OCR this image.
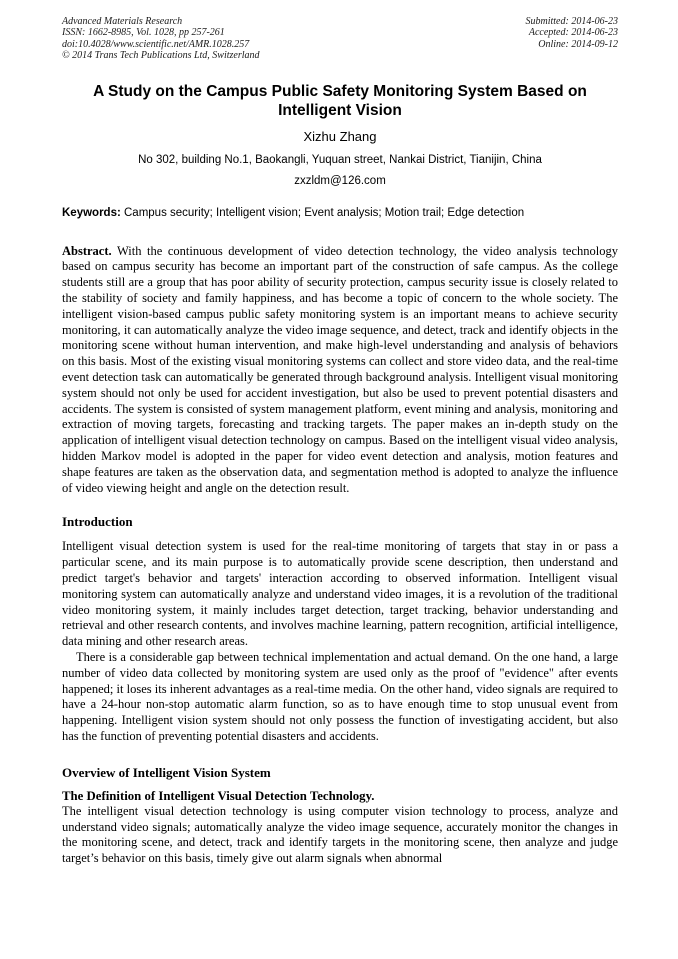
Advanced Materials Research
ISSN: 1662-8985, Vol. 1028, pp 257-261
doi:10.4028/www.scientific.net/AMR.1028.257
© 2014 Trans Tech Publications Ltd, Switzerland
Submitted: 2014-06-23
Accepted: 2014-06-23
Online: 2014-09-12
A Study on the Campus Public Safety Monitoring System Based on Intelligent Vision
Xizhu Zhang
No 302, building No.1, Baokangli, Yuquan street, Nankai District, Tianijin, China
zxzldm@126.com

Keywords: Campus security; Intelligent vision; Event analysis; Motion trail; Edge detection

Abstract. With the continuous development of video detection technology, the video analysis technology based on campus security has become an important part of the construction of safe campus. As the college students still are a group that has poor ability of security protection, campus security issue is closely related to the stability of society and family happiness, and has become a topic of concern to the whole society. The intelligent vision-based campus public safety monitoring system is an important means to achieve security monitoring, it can automatically analyze the video image sequence, and detect, track and identify objects in the monitoring scene without human intervention, and make high-level understanding and analysis of behaviors on this basis. Most of the existing visual monitoring systems can collect and store video data, and the real-time event detection task can automatically be generated through background analysis. Intelligent visual monitoring system should not only be used for accident investigation, but also be used to prevent potential disasters and accidents. The system is consisted of system management platform, event mining and analysis, monitoring and extraction of moving targets, forecasting and tracking targets. The paper makes an in-depth study on the application of intelligent visual detection technology on campus. Based on the intelligent visual video analysis, hidden Markov model is adopted in the paper for video event detection and analysis, motion features and shape features are taken as the observation data, and segmentation method is adopted to analyze the influence of video viewing height and angle on the detection result.

Introduction

Intelligent visual detection system is used for the real-time monitoring of targets that stay in or pass a particular scene, and its main purpose is to automatically provide scene description, then understand and predict target's behavior and targets' interaction according to observed information. Intelligent visual monitoring system can automatically analyze and understand video images, it is a revolution of the traditional video monitoring system, it mainly includes target detection, target tracking, behavior understanding and retrieval and other research contents, and involves machine learning, pattern recognition, artificial intelligence, data mining and other research areas.

There is a considerable gap between technical implementation and actual demand. On the one hand, a large number of video data collected by monitoring system are used only as the proof of "evidence" after events happened; it loses its inherent advantages as a real-time media. On the other hand, video signals are required to have a 24-hour non-stop automatic alarm function, so as to have enough time to stop unusual event from happening. Intelligent vision system should not only possess the function of investigating accident, but also has the function of preventing potential disasters and accidents.

Overview of Intelligent Vision System
The Definition of Intelligent Visual Detection Technology.

The intelligent visual detection technology is using computer vision technology to process, analyze and understand video signals; automatically analyze the video image sequence, accurately monitor the changes in the monitoring scene, and detect, track and identify targets in the monitoring scene, then analyze and judge target’s behavior on this basis, timely give out alarm signals when abnormal
